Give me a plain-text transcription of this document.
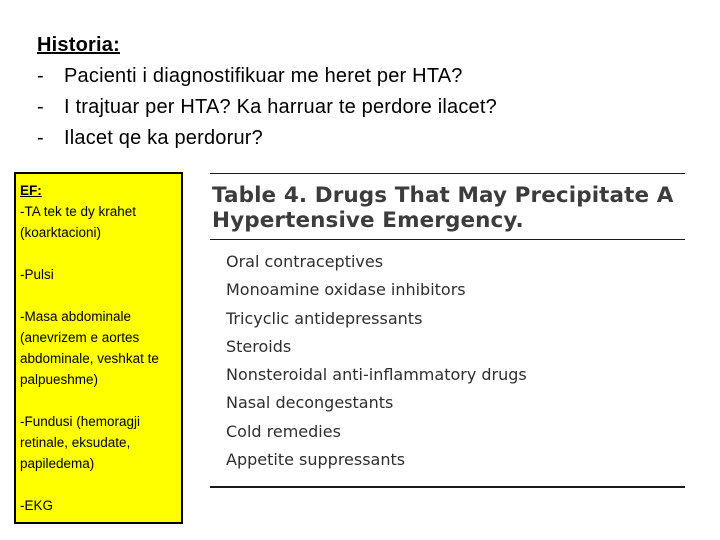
Historia:

-	Pacienti i diagnostifikuar me heret per HTA?
-	I trajtuar per HTA? Ka harruar te perdore ilacet?
-	Ilacet qe ka perdorur?
EF:

-TA tek te dy krahet (koarktacioni)

-Pulsi

-Masa abdominale (anevrizem e aortes abdominale, veshkat te palpueshme)

-Fundusi (hemoragji retinale, eksudate, papiledema)

-EKG

Table 4. Drugs That May Precipitate A Hypertensive Emergency.
Oral contraceptives
Monoamine oxidase inhibitors
Tricyclic antidepressants
Steroids
Nonsteroidal anti-inflammatory drugs
Nasal decongestants
Cold remedies
Appetite suppressants
